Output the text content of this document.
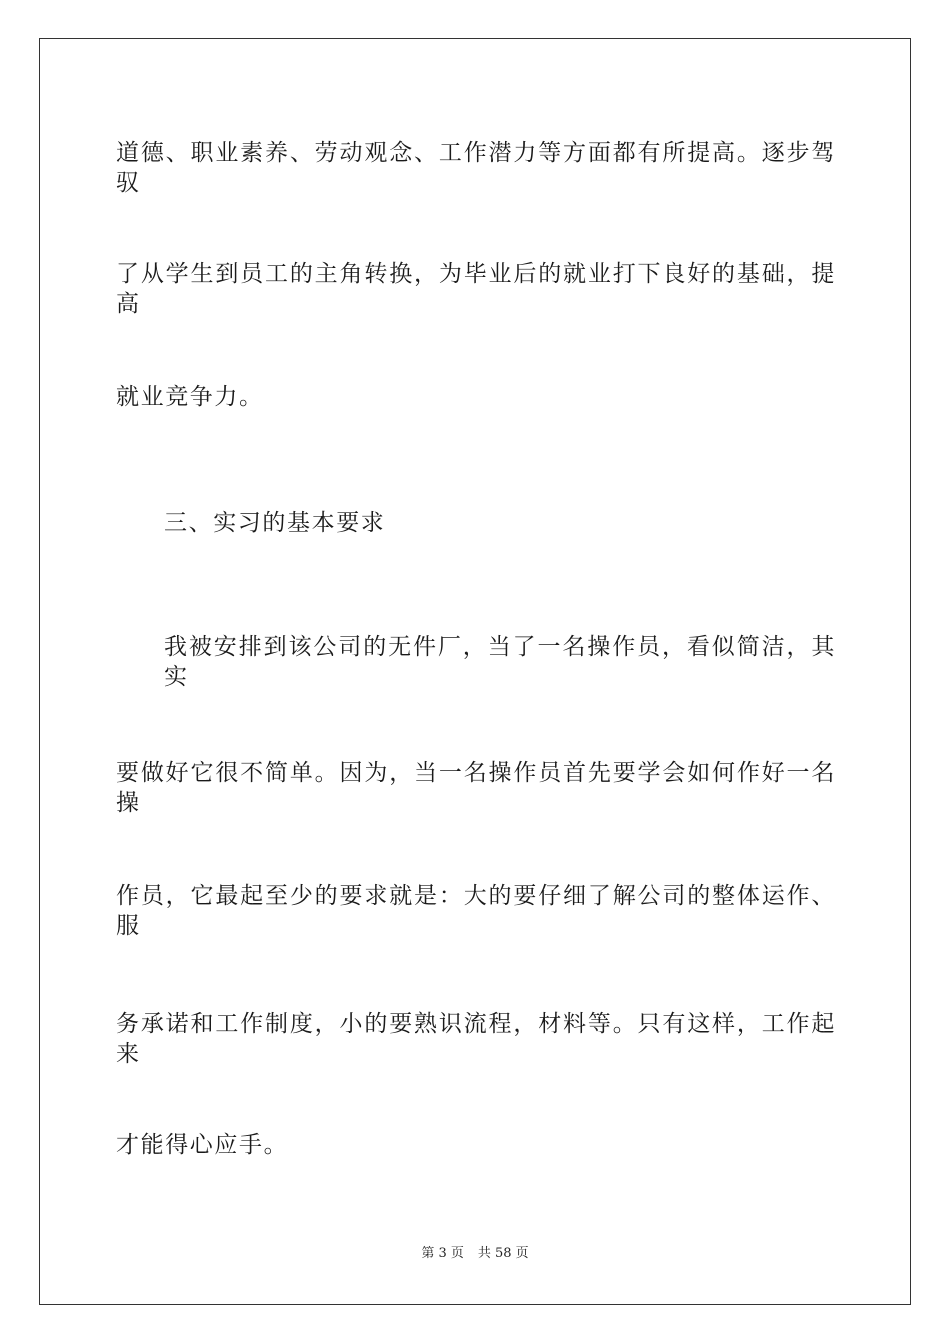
道德、职业素养、劳动观念、工作潜力等方面都有所提高。逐步驾驭
了从学生到员工的主角转换，为毕业后的就业打下良好的基础，提高
就业竞争力。
三、实习的基本要求
我被安排到该公司的无件厂，当了一名操作员，看似简洁，其实
要做好它很不简单。因为，当一名操作员首先要学会如何作好一名操
作员，它最起至少的要求就是：大的要仔细了解公司的整体运作、服
务承诺和工作制度，小的要熟识流程，材料等。只有这样，工作起来
才能得心应手。
第 3 页 共 58 页
